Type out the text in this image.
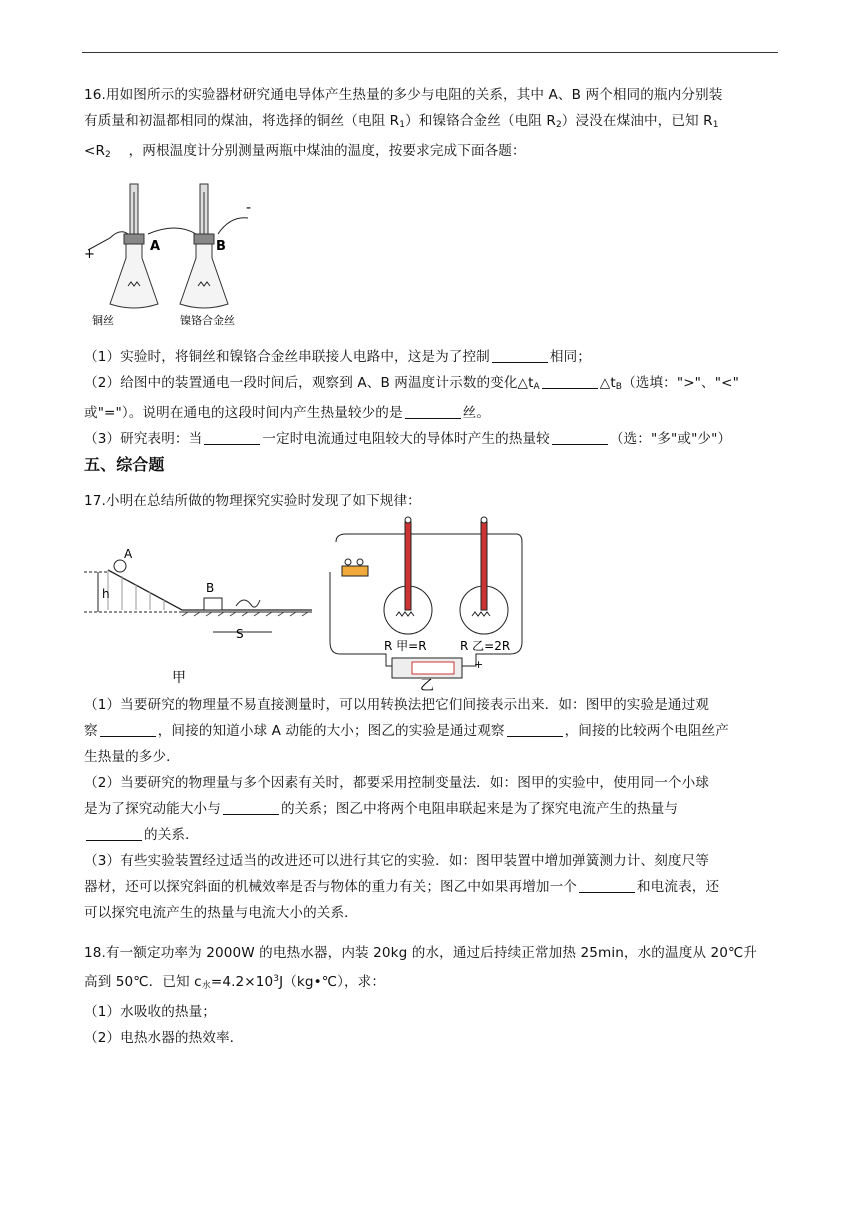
16.用如图所示的实验器材研究通电导体产生热量的多少与电阻的关系，其中 A、B 两个相同的瓶内分别装
有质量和初温都相同的煤油，将选择的铜丝（电阻 $R_1$）和镍铬合金丝（电阻 $R_2$）浸没在煤油中，已知 $R_1$
$<R_2$ ，两根温度计分别测量两瓶中煤油的温度，按要求完成下面各题：
A	B
+
-
铜丝	镍铬合金丝
（1）实验时，将铜丝和镍铬合金丝串联接人电路中，这是为了控制	相同；
（2）给图中的装置通电一段时间后，观察到 A、B 两温度计示数的变化$\triangle t_A$	$\triangle t_B$（选填：">"、"<"
或"="）。说明在通电的这段时间内产生热量较少的是	丝。
（3）研究表明：当	一定时电流通过电阻较大的导体时产生的热量较	（选："多"或"少"）
五、综合题
17.小明在总结所做的物理探究实验时发现了如下规律：
A
h	B
S
甲
R 甲=R	R 乙=2R
+
乙
（1）当要研究的物理量不易直接测量时，可以用转换法把它们间接表示出来．如：图甲的实验是通过观
察	，间接的知道小球 A 动能的大小；图乙的实验是通过观察	，间接的比较两个电阻丝产
生热量的多少．
（2）当要研究的物理量与多个因素有关时，都要采用控制变量法．如：图甲的实验中，使用同一个小球
是为了探究动能大小与	的关系；图乙中将两个电阻串联起来是为了探究电流产生的热量与
的关系．
（3）有些实验装置经过适当的改进还可以进行其它的实验．如：图甲装置中增加弹簧测力计、刻度尺等
器材，还可以探究斜面的机械效率是否与物体的重力有关；图乙中如果再增加一个	和电流表，还
可以探究电流产生的热量与电流大小的关系．
18.有一额定功率为 2000W 的电热水器，内装 20kg 的水，通过后持续正常加热 25min，水的温度从 20℃升
高到 50℃．已知 $c_水=4.2\times 10^3J(kg•℃)$，求：
（1）水吸收的热量；
（2）电热水器的热效率．
